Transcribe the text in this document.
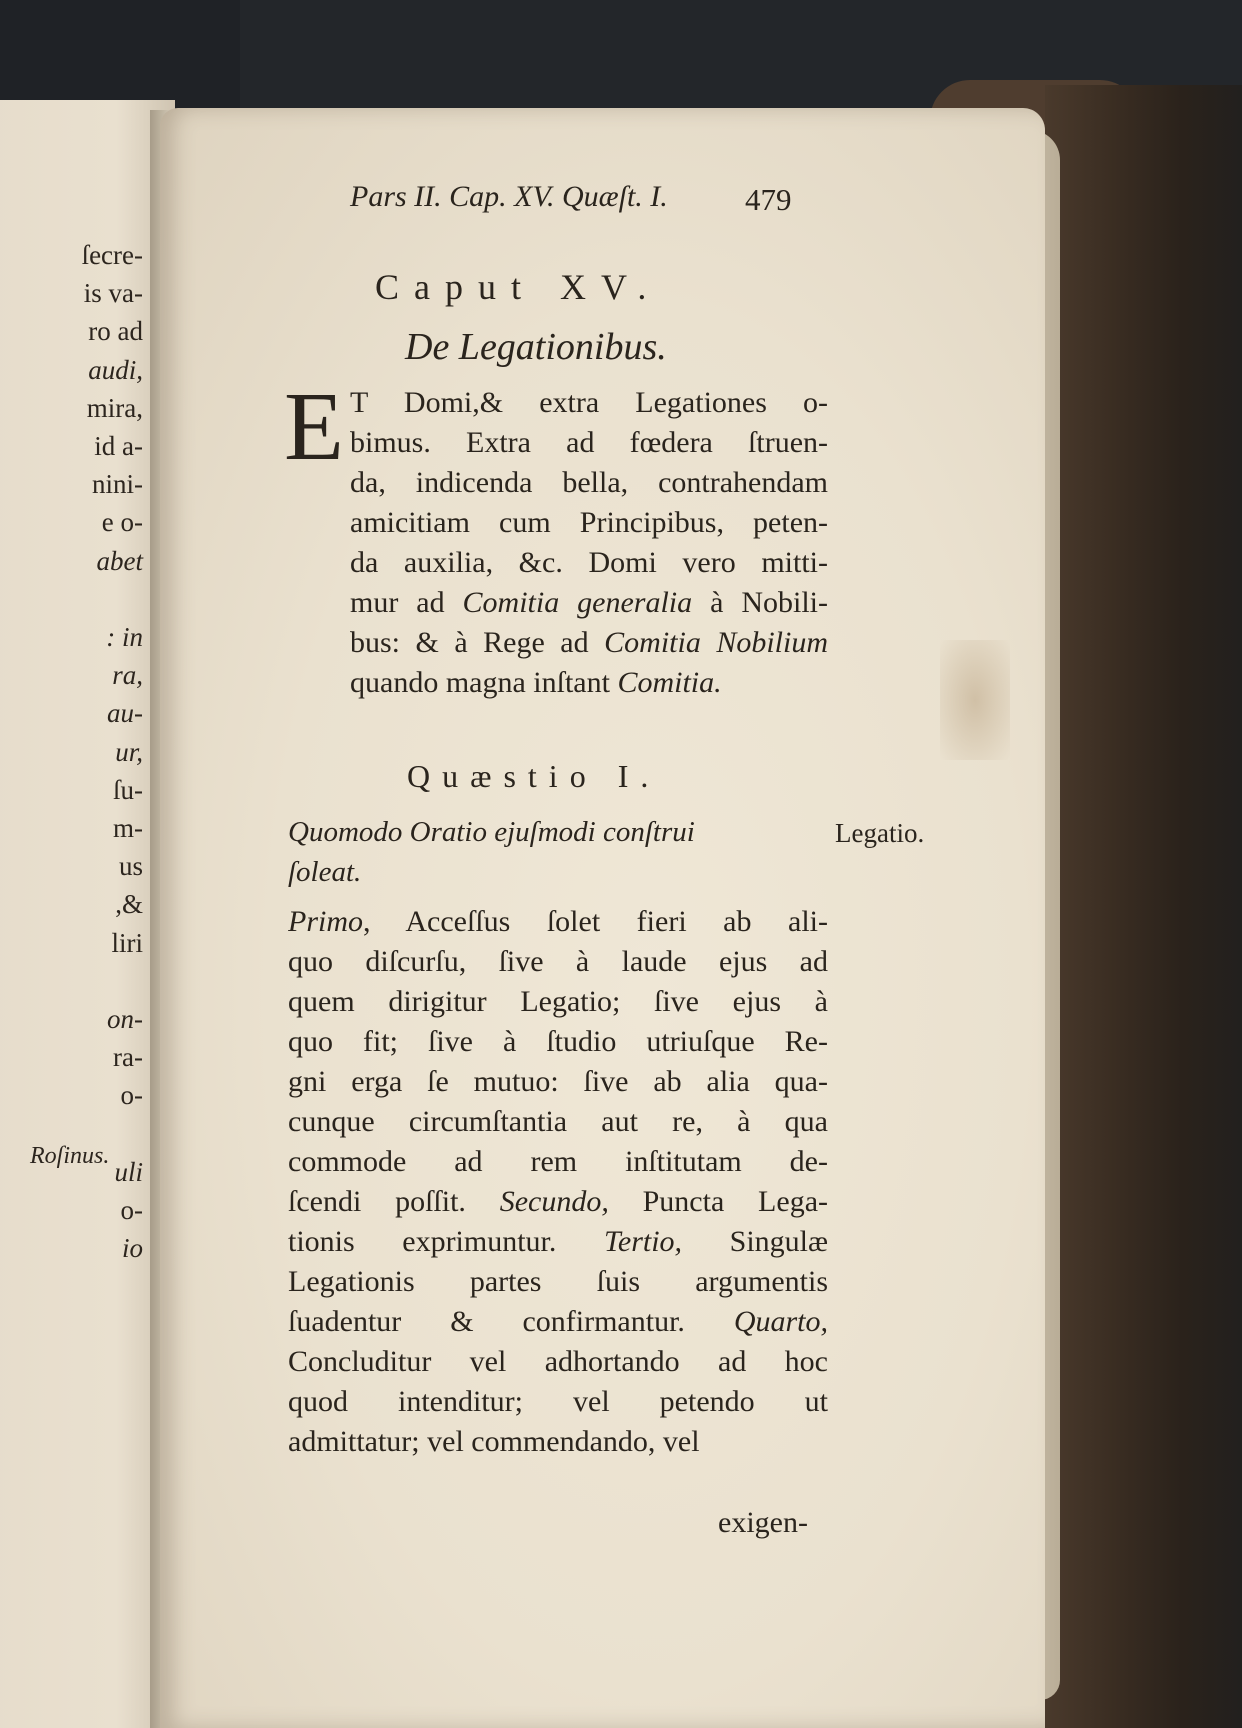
ſecre-
is va-
ro ad
audi,
mira,
id a-
nini-
e o-
abet
: in
ra,
au-
ur,
ſu-
m-
us
,&
liri
on-
ra-
o-
uli
o-
io
Roſinus.
Pars II. Cap. XV. Quæſt. I. 479
Caput XV.
De Legationibus.
E T Domi,& extra Legationes o-
bimus. Extra ad fœdera ſtruen-
da, indicenda bella, contrahendam
amicitiam cum Principibus, peten-
da auxilia, &c. Domi vero mitti-
mur ad Comitia generalia à Nobili-
bus: & à Rege ad Comitia Nobilium
quando magna inſtant Comitia.
Quæstio I.
Quomodo Oratio ejuſmodi conſtrui
ſoleat.
Legatio.
Primo, Acceſſus ſolet fieri ab ali-
quo diſcurſu, ſive à laude ejus ad
quem dirigitur Legatio; ſive ejus à
quo fit; ſive à ſtudio utriuſque Re-
gni erga ſe mutuo: ſive ab alia qua-
cunque circumſtantia aut re, à qua
commode ad rem inſtitutam de-
ſcendi poſſit. Secundo, Puncta Lega-
tionis exprimuntur. Tertio, Singulæ
Legationis partes ſuis argumentis
ſuadentur & confirmantur. Quarto,
Concluditur vel adhortando ad hoc
quod intenditur; vel petendo ut
admittatur; vel commendando, vel
exigen-
